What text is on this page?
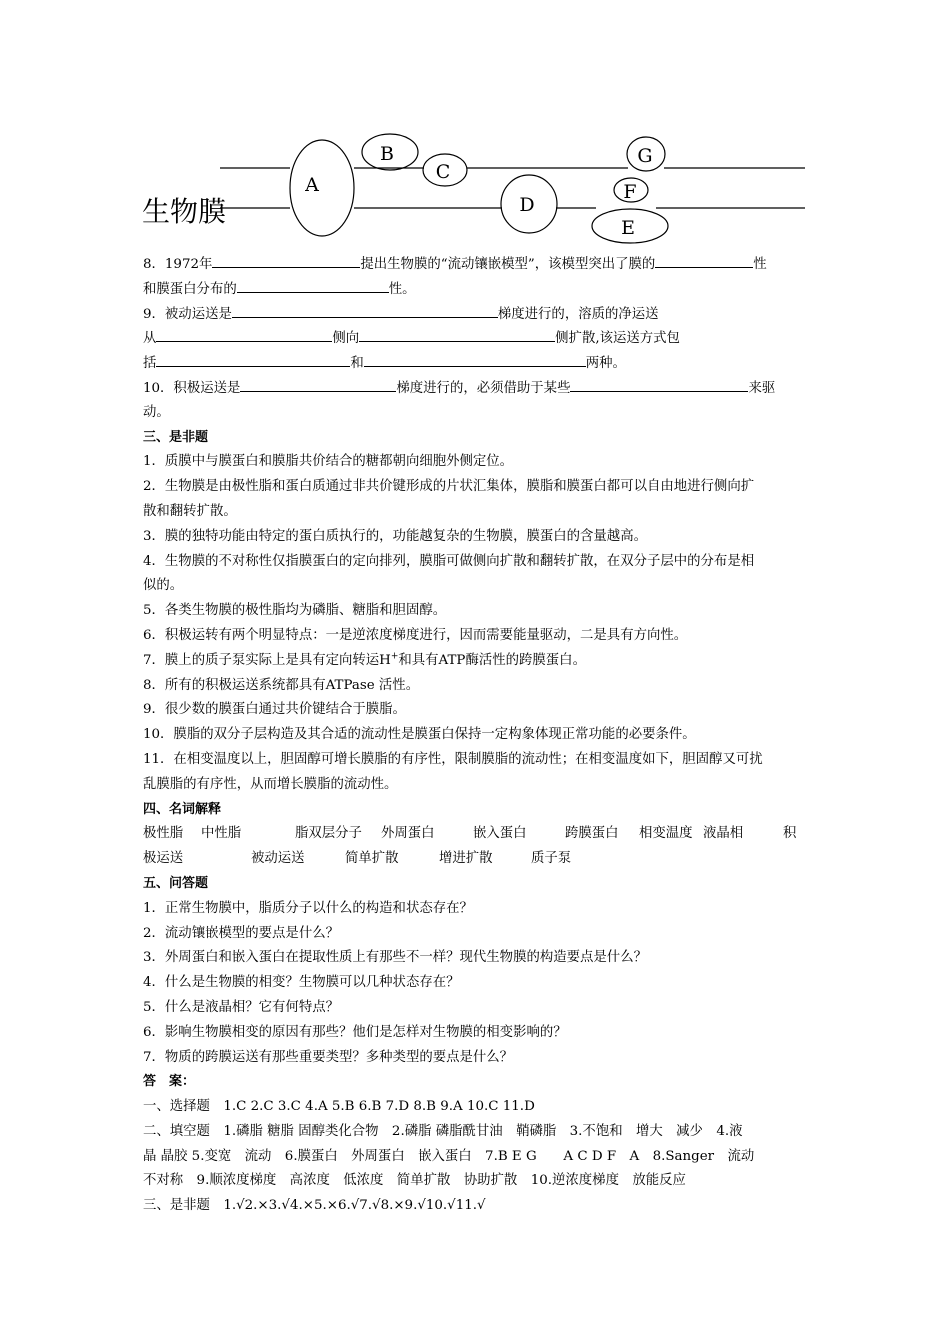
A
B
C
D
E
F
G
生物膜
8．1972年	提出生物膜的“流动镶嵌模型”，该模型突出了膜的	性
和膜蛋白分布的	性。
9．被动运送是	梯度进行的，溶质的净运送
从	侧向	侧扩散,该运送方式包
括	和	两种。
10．积极运送是	梯度进行的，必须借助于某些	来驱
动。
三、是非题
1．质膜中与膜蛋白和膜脂共价结合的糖都朝向细胞外侧定位。
2．生物膜是由极性脂和蛋白质通过非共价键形成的片状汇集体，膜脂和膜蛋白都可以自由地进行侧向扩
散和翻转扩散。
3．膜的独特功能由特定的蛋白质执行的，功能越复杂的生物膜，膜蛋白的含量越高。
4．生物膜的不对称性仅指膜蛋白的定向排列，膜脂可做侧向扩散和翻转扩散，在双分子层中的分布是相
似的。
5．各类生物膜的极性脂均为磷脂、糖脂和胆固醇。
6．积极运转有两个明显特点：一是逆浓度梯度进行，因而需要能量驱动，二是具有方向性。
7．膜上的质子泵实际上是具有定向转运H+和具有ATP酶活性的跨膜蛋白。
8．所有的积极运送系统都具有ATPase 活性。
9．很少数的膜蛋白通过共价键结合于膜脂。
10．膜脂的双分子层构造及其合适的流动性是膜蛋白保持一定构象体现正常功能的必要条件。
11．在相变温度以上，胆固醇可增长膜脂的有序性，限制膜脂的流动性；在相变温度如下，胆固醇又可扰
乱膜脂的有序性，从而增长膜脂的流动性。
四、名词解释
极性脂 中性脂	脂双层分子 外周蛋白	嵌入蛋白	跨膜蛋白 相变温度 液晶相	积
极运送	被动运送	简单扩散	增进扩散	质子泵
五、问答题
1．正常生物膜中，脂质分子以什么的构造和状态存在？
2．流动镶嵌模型的要点是什么？
3．外周蛋白和嵌入蛋白在提取性质上有那些不一样？现代生物膜的构造要点是什么？
4．什么是生物膜的相变？生物膜可以几种状态存在？
5．什么是液晶相？它有何特点？
6．影响生物膜相变的原因有那些？他们是怎样对生物膜的相变影响的？
7．物质的跨膜运送有那些重要类型？多种类型的要点是什么？
答　案：
一、选择题　1.C 2.C 3.C 4.A 5.B 6.B 7.D 8.B 9.A 10.C 11.D
二、填空题　1.磷脂 糖脂 固醇类化合物　2.磷脂 磷脂酰甘油　鞘磷脂　3.不饱和　增大　减少　4.液
晶 晶胶 5.变宽　流动　6.膜蛋白　外周蛋白　嵌入蛋白　7.B E G　　A C D F　A　8.Sanger　流动
不对称　9.顺浓度梯度　高浓度　低浓度　简单扩散　协助扩散　10.逆浓度梯度　放能反应
三、是非题　1.√2.×3.√4.×5.×6.√7.√8.×9.√10.√11.√
